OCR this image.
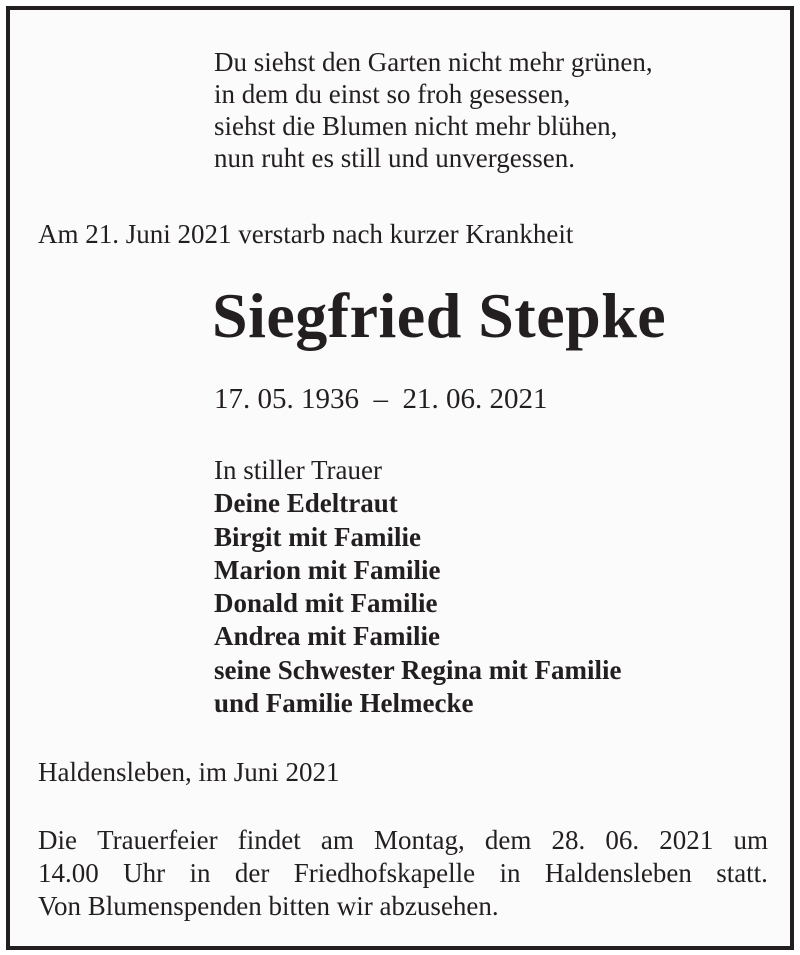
Du siehst den Garten nicht mehr grünen,
in dem du einst so froh gesessen,
siehst die Blumen nicht mehr blühen,
nun ruht es still und unvergessen.
Am 21. Juni 2021 verstarb nach kurzer Krankheit
Siegfried Stepke
17. 05. 1936  –  21. 06. 2021
In stiller Trauer
Deine Edeltraut
Birgit mit Familie
Marion mit Familie
Donald mit Familie
Andrea mit Familie
seine Schwester Regina mit Familie
und Familie Helmecke
Haldensleben, im Juni 2021
Die Trauerfeier findet am Montag, dem 28. 06. 2021 um
14.00 Uhr in der Friedhofskapelle in Haldensleben statt.
Von Blumenspenden bitten wir abzusehen.
